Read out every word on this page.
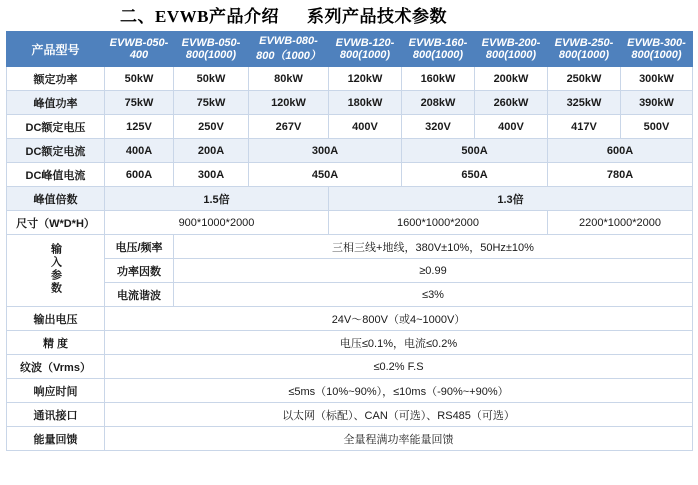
二、EVWB产品介绍 系列产品技术参数
产品型号	EVWB-050-400	EVWB-050-800(1000)	EVWB-080-800（1000）	EVWB-120-800(1000)	EVWB-160-800(1000)	EVWB-200-800(1000)	EVWB-250-800(1000)	EVWB-300-800(1000)
额定功率	50kW	50kW	80kW	120kW	160kW	200kW	250kW	300kW
峰值功率	75kW	75kW	120kW	180kW	208kW	260kW	325kW	390kW
DC额定电压	125V	250V	267V	400V	320V	400V	417V	500V
DC额定电流	400A	200A	300A		500A		600A	
DC峰值电流	600A	300A	450A		650A		780A	
峰值倍数	1.5倍			1.3倍				
尺寸（W*D*H）	900*1000*2000			1600*1000*2000			2200*1000*2000	
输入参数	电压/频率	三相三线+地线，380V±10%，50Hz±10%						
	功率因数	≥0.99						
	电流谐波	≤3%						
输出电压	24V～800V（或4~1000V）							
精 度	电压≤0.1%，电流≤0.2%							
纹波（Vrms）	≤0.2% F.S							
响应时间	≤5ms（10%~90%），≤10ms（-90%~+90%）							
通讯接口	以太网（标配）、CAN（可选）、RS485（可选）							
能量回馈	全量程满功率能量回馈							
